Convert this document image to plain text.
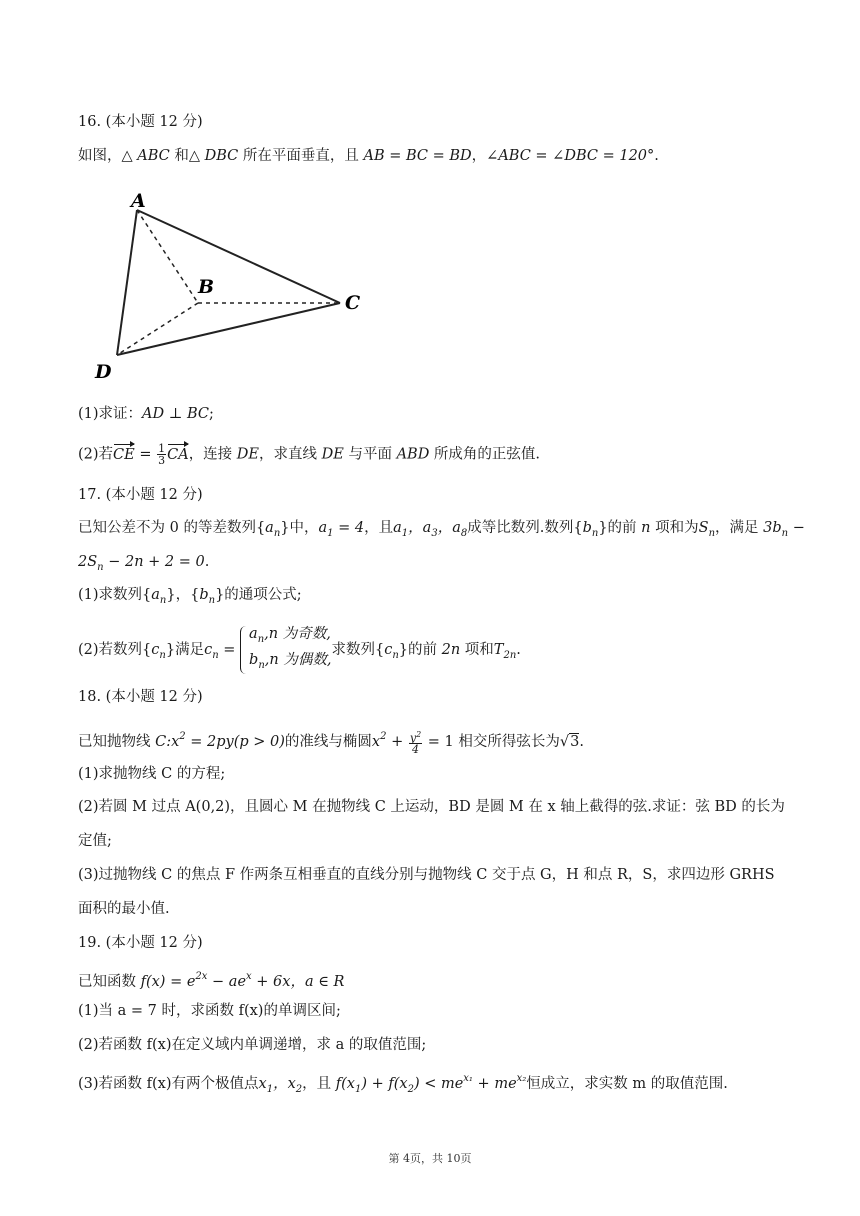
16. (本小题 12 分)
如图，△ ABC 和△ DBC 所在平面垂直，且 AB = BC = BD，∠ABC = ∠DBC = 120°.
A
B
C
D
(1)求证：AD ⊥ BC;
(2)若CE = $\frac{1}{3}$ CA，连接 DE，求直线 DE 与平面 ABD 所成角的正弦值.
17. (本小题 12 分)
已知公差不为 0 的等差数列$\{a_n\}$中，$a_1 = 4$，且$a_1$，$a_3$，$a_8$成等比数列.数列$\{b_n\}$的前 n 项和为$S_n$，满足 $3b_n$ −
$2S_n - 2n + 2 = 0$.
(1)求数列$\{a_n\}$，$\{b_n\}$的通项公式;
(2)若数列$\{c_n\}$满足$c_n$ =
$a_n,n$ 为奇数,
$b_n,n$ 为偶数,
求数列$\{c_n\}$的前 2n 项和$T_{2n}$.
18. (本小题 12 分)
已知抛物线 $C:x^2 = 2py(p > 0)$的准线与椭圆$x^2 + \frac{y^2}{4} = 1$ 相交所得弦长为√3.
(1)求抛物线 C 的方程;
(2)若圆 M 过点 A(0,2)，且圆心 M 在抛物线 C 上运动，BD 是圆 M 在 x 轴上截得的弦.求证：弦 BD 的长为
定值;
(3)过抛物线 C 的焦点 F 作两条互相垂直的直线分别与抛物线 C 交于点 G，H 和点 R，S，求四边形 GRHS
面积的最小值.
19. (本小题 12 分)
已知函数 $f(x) = e^{2x} - ae^x + 6x$，a ∈ R
(1)当 a = 7 时，求函数 f(x)的单调区间;
(2)若函数 f(x)在定义域内单调递增，求 a 的取值范围;
(3)若函数 f(x)有两个极值点$x_1$，$x_2$，且 $f(x_1) + f(x_2) < me^{x_1} + me^{x_2}$恒成立，求实数 m 的取值范围.
第 4页，共 10页
